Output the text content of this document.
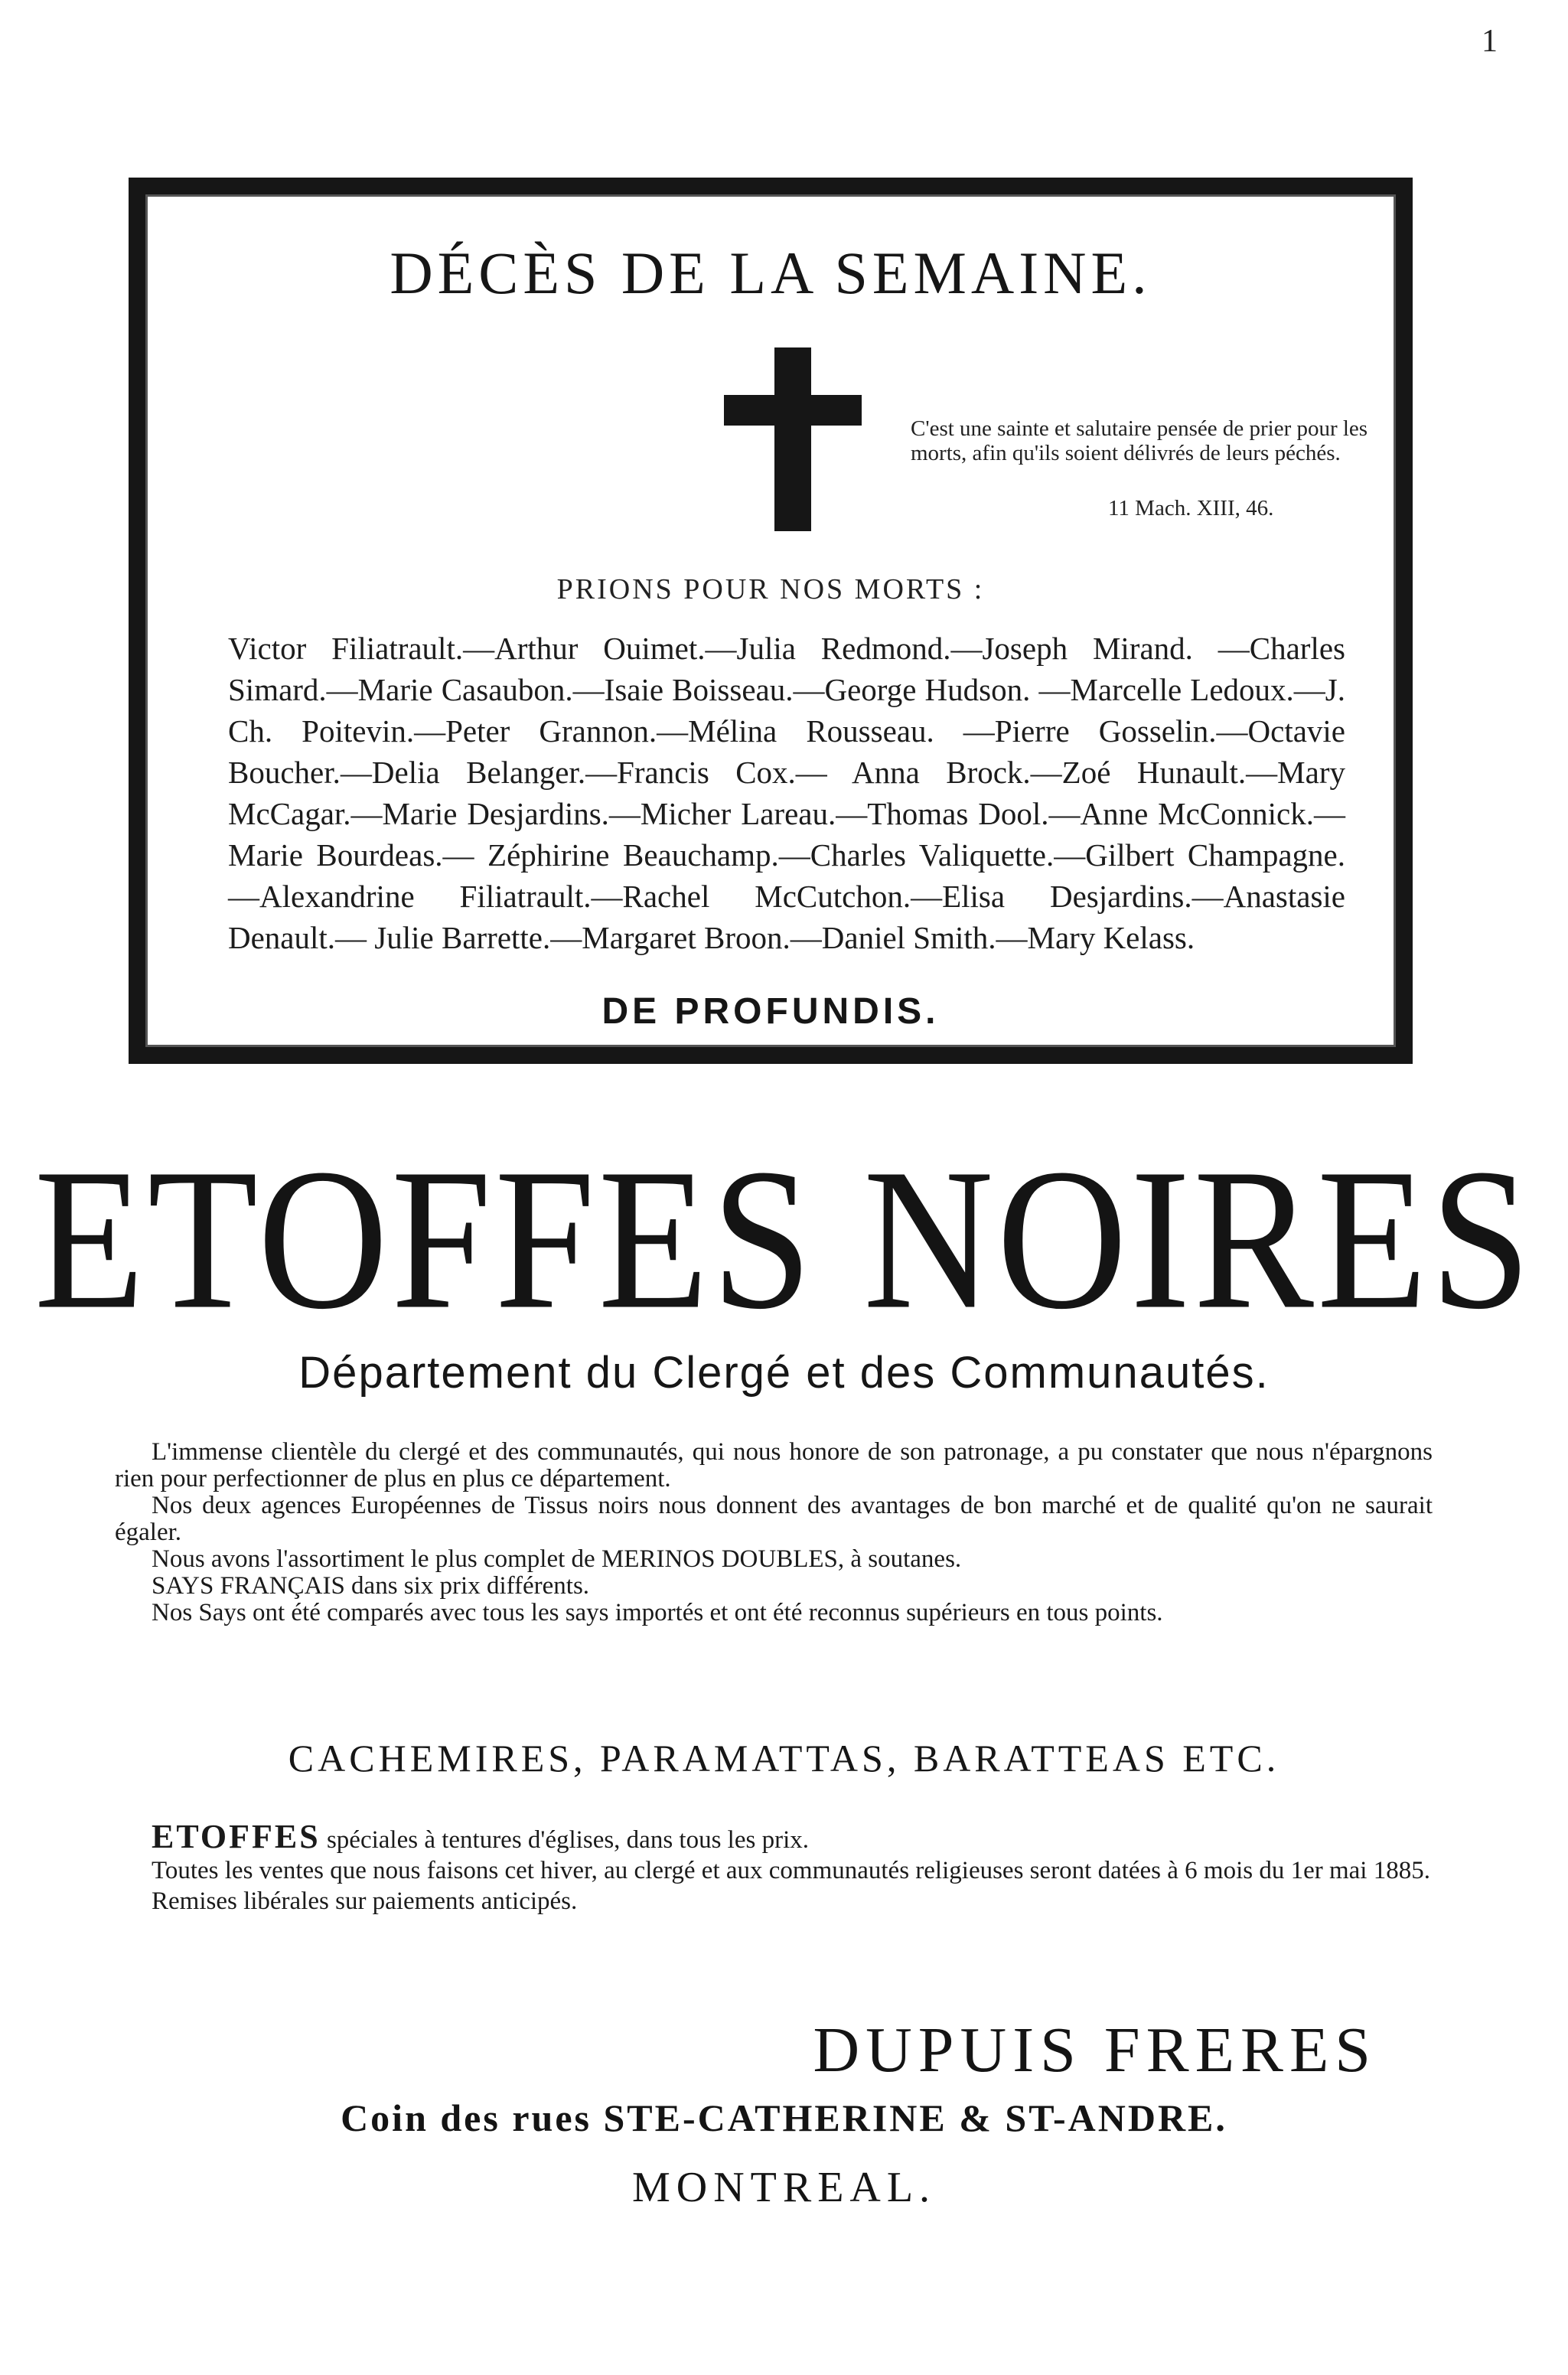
1
DÉCÈS DE LA SEMAINE.
C'est une sainte et salutaire pensée de prier pour les morts, afin qu'ils soient délivrés de leurs péchés.
11 Mach. XIII, 46.
PRIONS POUR NOS MORTS :
Victor Filiatrault.—Arthur Ouimet.—Julia Redmond.—Joseph Mirand. —Charles Simard.—Marie Casaubon.—Isaie Boisseau.—George Hudson. —Marcelle Ledoux.—J. Ch. Poitevin.—Peter Grannon.—Mélina Rousseau. —Pierre Gosselin.—Octavie Boucher.—Delia Belanger.—Francis Cox.— Anna Brock.—Zoé Hunault.—Mary McCagar.—Marie Desjardins.—Micher Lareau.—Thomas Dool.—Anne McConnick.—Marie Bourdeas.— Zéphirine Beauchamp.—Charles Valiquette.—Gilbert Champagne.—Alexandrine Filiatrault.—Rachel McCutchon.—Elisa Desjardins.—Anastasie Denault.— Julie Barrette.—Margaret Broon.—Daniel Smith.—Mary Kelass.
DE PROFUNDIS.
ETOFFES NOIRES
Département du Clergé et des Communautés.

L'immense clientèle du clergé et des communautés, qui nous honore de son patronage, a pu constater que nous n'épargnons rien pour perfectionner de plus en plus ce département.

Nos deux agences Européennes de Tissus noirs nous donnent des avantages de bon marché et de qualité qu'on ne saurait égaler.

Nous avons l'assortiment le plus complet de MERINOS DOUBLES, à soutanes.

SAYS FRANÇAIS dans six prix différents.

Nos Says ont été comparés avec tous les says importés et ont été reconnus supérieurs en tous points.

CACHEMIRES, PARAMATTAS, BARATTEAS ETC.

ETOFFES spéciales à tentures d'églises, dans tous les prix.

Toutes les ventes que nous faisons cet hiver, au clergé et aux communautés religieuses seront datées à 6 mois du 1er mai 1885.

Remises libérales sur paiements anticipés.

DUPUIS FRERES
Coin des rues STE-CATHERINE & ST-ANDRE.
MONTREAL.
